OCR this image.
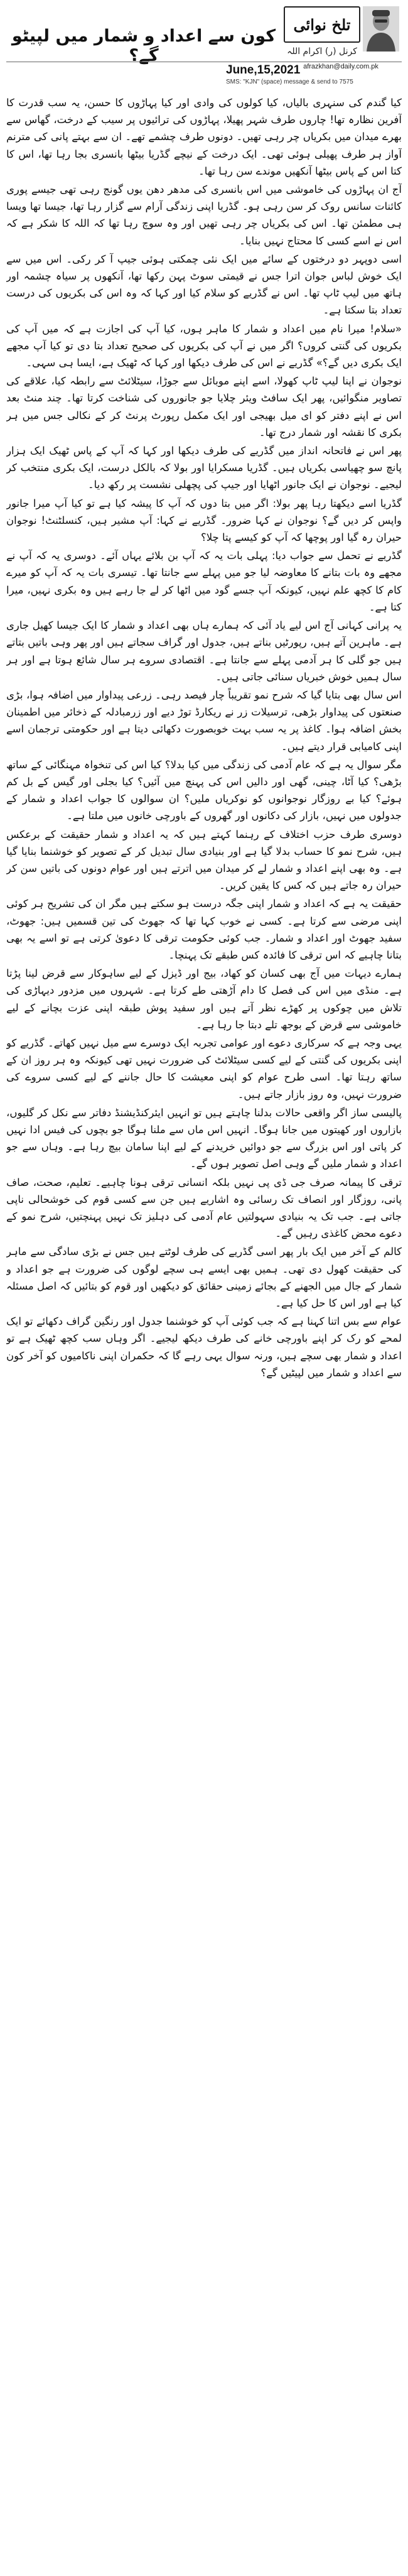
کون سے اعداد و شمار میں لپیٹو گے؟
تلخ نوائی
کرنل (ر) اکرام اللہ
afrazkhan@daily.com.pk
June,15,2021
SMS: "KJN" (space) message & send to 7575

کیا گندم کی سنہری بالیاں، کیا کولوں کی وادی اور کیا پہاڑوں کا حسن، یہ سب قدرت کا آفرین نظارہ تھا! چاروں طرف شہر پھیلا، پہاڑوں کی ترائیوں پر سیب کے درخت، گھاس سے بھرے میدان میں بکریاں چر رہی تھیں۔ دونوں طرف چشمے تھے۔ ان سے بہتے پانی کی مترنم آواز ہر طرف پھیلی ہوئی تھی۔ ایک درخت کے نیچے گڈریا بیٹھا بانسری بجا رہا تھا، اس کا کتا اس کے پاس بیٹھا آنکھیں موندے سن رہا تھا۔

آج ان پہاڑوں کی خاموشی میں اس بانسری کی مدھر دھن یوں گونج رہی تھی جیسے پوری کائنات سانس روک کر سن رہی ہو۔ گڈریا اپنی زندگی آرام سے گزار رہا تھا، جیسا تھا ویسا ہی مطمئن تھا۔ اس کی بکریاں چر رہی تھیں اور وہ سوچ رہا تھا کہ اللہ کا شکر ہے کہ اس نے اسے کسی کا محتاج نہیں بنایا۔

اسی دوپہر دو درختوں کے سائے میں ایک نئی چمکتی ہوئی جیپ آ کر رکی۔ اس میں سے ایک خوش لباس جوان اترا جس نے قیمتی سوٹ پہن رکھا تھا، آنکھوں پر سیاہ چشمہ اور ہاتھ میں لیپ ٹاپ تھا۔ اس نے گڈریے کو سلام کیا اور کہا کہ وہ اس کی بکریوں کی درست تعداد بتا سکتا ہے۔

«سلام! میرا نام میں اعداد و شمار کا ماہر ہوں، کیا آپ کی اجازت ہے کہ میں آپ کی بکریوں کی گنتی کروں؟ اگر میں نے آپ کی بکریوں کی صحیح تعداد بتا دی تو کیا آپ مجھے ایک بکری دیں گے؟» گڈریے نے اس کی طرف دیکھا اور کہا کہ ٹھیک ہے، ایسا ہی سہی۔

نوجوان نے اپنا لیپ ٹاپ کھولا، اسے اپنے موبائل سے جوڑا، سیٹلائٹ سے رابطہ کیا، علاقے کی تصاویر منگوائیں، پھر ایک سافٹ ویئر چلایا جو جانوروں کی شناخت کرتا تھا۔ چند منٹ بعد اس نے اپنے دفتر کو ای میل بھیجی اور ایک مکمل رپورٹ پرنٹ کر کے نکالی جس میں ہر بکری کا نقشہ اور شمار درج تھا۔

پھر اس نے فاتحانہ انداز میں گڈریے کی طرف دیکھا اور کہا کہ آپ کے پاس ٹھیک ایک ہزار پانچ سو چھیاسی بکریاں ہیں۔ گڈریا مسکرایا اور بولا کہ بالکل درست، ایک بکری منتخب کر لیجیے۔ نوجوان نے ایک جانور اٹھایا اور جیپ کی پچھلی نشست پر رکھ دیا۔

گڈریا اسے دیکھتا رہا پھر بولا: اگر میں بتا دوں کہ آپ کا پیشہ کیا ہے تو کیا آپ میرا جانور واپس کر دیں گے؟ نوجوان نے کہا ضرور۔ گڈریے نے کہا: آپ مشیر ہیں، کنسلٹنٹ! نوجوان حیران رہ گیا اور پوچھا کہ آپ کو کیسے پتا چلا؟

گڈریے نے تحمل سے جواب دیا: پہلی بات یہ کہ آپ بن بلائے یہاں آئے۔ دوسری یہ کہ آپ نے مجھے وہ بات بتانے کا معاوضہ لیا جو میں پہلے سے جانتا تھا۔ تیسری بات یہ کہ آپ کو میرے کام کا کچھ علم نہیں، کیونکہ آپ جسے گود میں اٹھا کر لے جا رہے ہیں وہ بکری نہیں، میرا کتا ہے۔

یہ پرانی کہانی آج اس لیے یاد آئی کہ ہمارے ہاں بھی اعداد و شمار کا ایک جیسا کھیل جاری ہے۔ ماہرین آتے ہیں، رپورٹیں بناتے ہیں، جدول اور گراف سجاتے ہیں اور پھر وہی باتیں بتاتے ہیں جو گلی کا ہر آدمی پہلے سے جانتا ہے۔ اقتصادی سروے ہر سال شائع ہوتا ہے اور ہر سال ہمیں خوش خبریاں سنائی جاتی ہیں۔

اس سال بھی بتایا گیا کہ شرح نمو تقریباً چار فیصد رہی۔ زرعی پیداوار میں اضافہ ہوا، بڑی صنعتوں کی پیداوار بڑھی، ترسیلات زر نے ریکارڈ توڑ دیے اور زرمبادلہ کے ذخائر میں اطمینان بخش اضافہ ہوا۔ کاغذ پر یہ سب بہت خوبصورت دکھائی دیتا ہے اور حکومتی ترجمان اسے اپنی کامیابی قرار دیتے ہیں۔

مگر سوال یہ ہے کہ عام آدمی کی زندگی میں کیا بدلا؟ کیا اس کی تنخواہ مہنگائی کے ساتھ بڑھی؟ کیا آٹا، چینی، گھی اور دالیں اس کی پہنچ میں آئیں؟ کیا بجلی اور گیس کے بل کم ہوئے؟ کیا بے روزگار نوجوانوں کو نوکریاں ملیں؟ ان سوالوں کا جواب اعداد و شمار کے جدولوں میں نہیں، بازار کی دکانوں اور گھروں کے باورچی خانوں میں ملتا ہے۔

دوسری طرف حزب اختلاف کے رہنما کہتے ہیں کہ یہ اعداد و شمار حقیقت کے برعکس ہیں، شرح نمو کا حساب بدلا گیا ہے اور بنیادی سال تبدیل کر کے تصویر کو خوشنما بنایا گیا ہے۔ وہ بھی اپنے اعداد و شمار لے کر میدان میں اترتے ہیں اور عوام دونوں کی باتیں سن کر حیران رہ جاتے ہیں کہ کس کا یقین کریں۔

حقیقت یہ ہے کہ اعداد و شمار اپنی جگہ درست ہو سکتے ہیں مگر ان کی تشریح ہر کوئی اپنی مرضی سے کرتا ہے۔ کسی نے خوب کہا تھا کہ جھوٹ کی تین قسمیں ہیں: جھوٹ، سفید جھوٹ اور اعداد و شمار۔ جب کوئی حکومت ترقی کا دعویٰ کرتی ہے تو اسے یہ بھی بتانا چاہیے کہ اس ترقی کا فائدہ کس طبقے تک پہنچا۔

ہمارے دیہات میں آج بھی کسان کو کھاد، بیج اور ڈیزل کے لیے ساہوکار سے قرض لینا پڑتا ہے۔ منڈی میں اس کی فصل کا دام آڑھتی طے کرتا ہے۔ شہروں میں مزدور دیہاڑی کی تلاش میں چوکوں پر کھڑے نظر آتے ہیں اور سفید پوش طبقہ اپنی عزت بچانے کے لیے خاموشی سے قرض کے بوجھ تلے دبتا جا رہا ہے۔

یہی وجہ ہے کہ سرکاری دعوے اور عوامی تجربہ ایک دوسرے سے میل نہیں کھاتے۔ گڈریے کو اپنی بکریوں کی گنتی کے لیے کسی سیٹلائٹ کی ضرورت نہیں تھی کیونکہ وہ ہر روز ان کے ساتھ رہتا تھا۔ اسی طرح عوام کو اپنی معیشت کا حال جاننے کے لیے کسی سروے کی ضرورت نہیں، وہ روز بازار جاتے ہیں۔

پالیسی ساز اگر واقعی حالات بدلنا چاہتے ہیں تو انہیں ایئرکنڈیشنڈ دفاتر سے نکل کر گلیوں، بازاروں اور کھیتوں میں جانا ہوگا۔ انہیں اس ماں سے ملنا ہوگا جو بچوں کی فیس ادا نہیں کر پاتی اور اس بزرگ سے جو دوائیں خریدنے کے لیے اپنا سامان بیچ رہا ہے۔ وہاں سے جو اعداد و شمار ملیں گے وہی اصل تصویر ہوں گے۔

ترقی کا پیمانہ صرف جی ڈی پی نہیں بلکہ انسانی ترقی ہونا چاہیے۔ تعلیم، صحت، صاف پانی، روزگار اور انصاف تک رسائی وہ اشاریے ہیں جن سے کسی قوم کی خوشحالی ناپی جاتی ہے۔ جب تک یہ بنیادی سہولتیں عام آدمی کی دہلیز تک نہیں پہنچتیں، شرح نمو کے دعوے محض کاغذی رہیں گے۔

کالم کے آخر میں ایک بار پھر اسی گڈریے کی طرف لوٹتے ہیں جس نے بڑی سادگی سے ماہر کی حقیقت کھول دی تھی۔ ہمیں بھی ایسے ہی سچے لوگوں کی ضرورت ہے جو اعداد و شمار کے جال میں الجھنے کے بجائے زمینی حقائق کو دیکھیں اور قوم کو بتائیں کہ اصل مسئلہ کیا ہے اور اس کا حل کیا ہے۔

عوام سے بس اتنا کہنا ہے کہ جب کوئی آپ کو خوشنما جدول اور رنگین گراف دکھائے تو ایک لمحے کو رک کر اپنے باورچی خانے کی طرف دیکھ لیجیے۔ اگر وہاں سب کچھ ٹھیک ہے تو اعداد و شمار بھی سچے ہیں، ورنہ سوال یہی رہے گا کہ حکمران اپنی ناکامیوں کو آخر کون سے اعداد و شمار میں لپیٹیں گے؟
